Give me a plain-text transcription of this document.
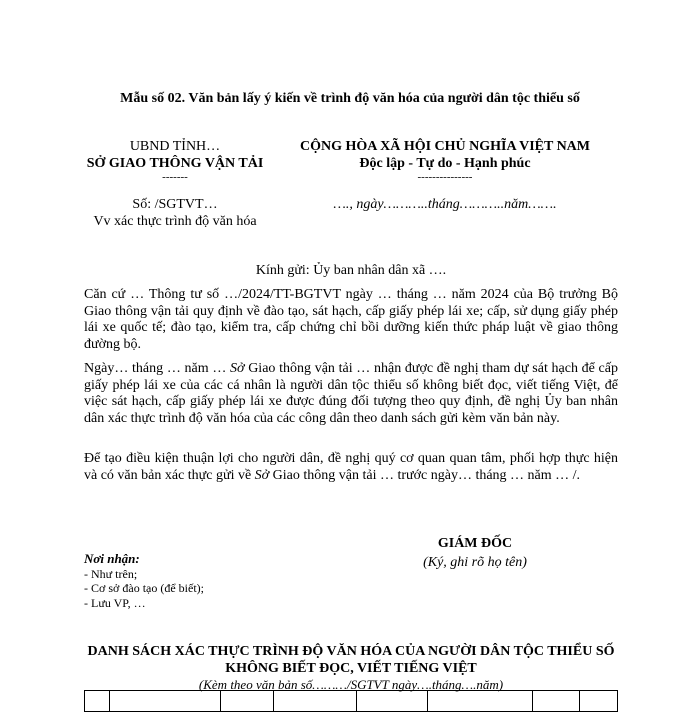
Mẫu số 02. Văn bản lấy ý kiến về trình độ văn hóa của người dân tộc thiểu số
UBND TỈNH…
SỞ GIAO THÔNG VẬN TẢI
-------
Số: /SGTVT…
Vv xác thực trình độ văn hóa
CỘNG HÒA XÃ HỘI CHỦ NGHĨA VIỆT NAM
Độc lập - Tự do - Hạnh phúc
---------------
…., ngày………..tháng………..năm…….
Kính gửi: Ủy ban nhân dân xã ….
Căn cứ … Thông tư số …/2024/TT-BGTVT ngày … tháng … năm 2024 của Bộ trưởng Bộ Giao thông vận tải quy định về đào tạo, sát hạch, cấp giấy phép lái xe; cấp, sử dụng giấy phép lái xe quốc tế; đào tạo, kiểm tra, cấp chứng chỉ bồi dưỡng kiến thức pháp luật về giao thông đường bộ.
Ngày… tháng … năm … Sở Giao thông vận tải … nhận được đề nghị tham dự sát hạch để cấp giấy phép lái xe của các cá nhân là người dân tộc thiểu số không biết đọc, viết tiếng Việt, để việc sát hạch, cấp giấy phép lái xe được đúng đối tượng theo quy định, đề nghị Ủy ban nhân dân xác thực trình độ văn hóa của các công dân theo danh sách gửi kèm văn bản này.
Để tạo điều kiện thuận lợi cho người dân, đề nghị quý cơ quan quan tâm, phối hợp thực hiện và có văn bản xác thực gửi về Sở Giao thông vận tải … trước ngày… tháng … năm … /.
GIÁM ĐỐC
(Ký, ghi rõ họ tên)
Nơi nhận:
- Như trên;
- Cơ sở đào tạo (để biết);
- Lưu VP, …
DANH SÁCH XÁC THỰC TRÌNH ĐỘ VĂN HÓA CỦA NGƯỜI DÂN TỘC THIỂU SỐ KHÔNG BIẾT ĐỌC, VIẾT TIẾNG VIỆT
(Kèm theo văn bản số………/SGTVT ngày….tháng….năm)
